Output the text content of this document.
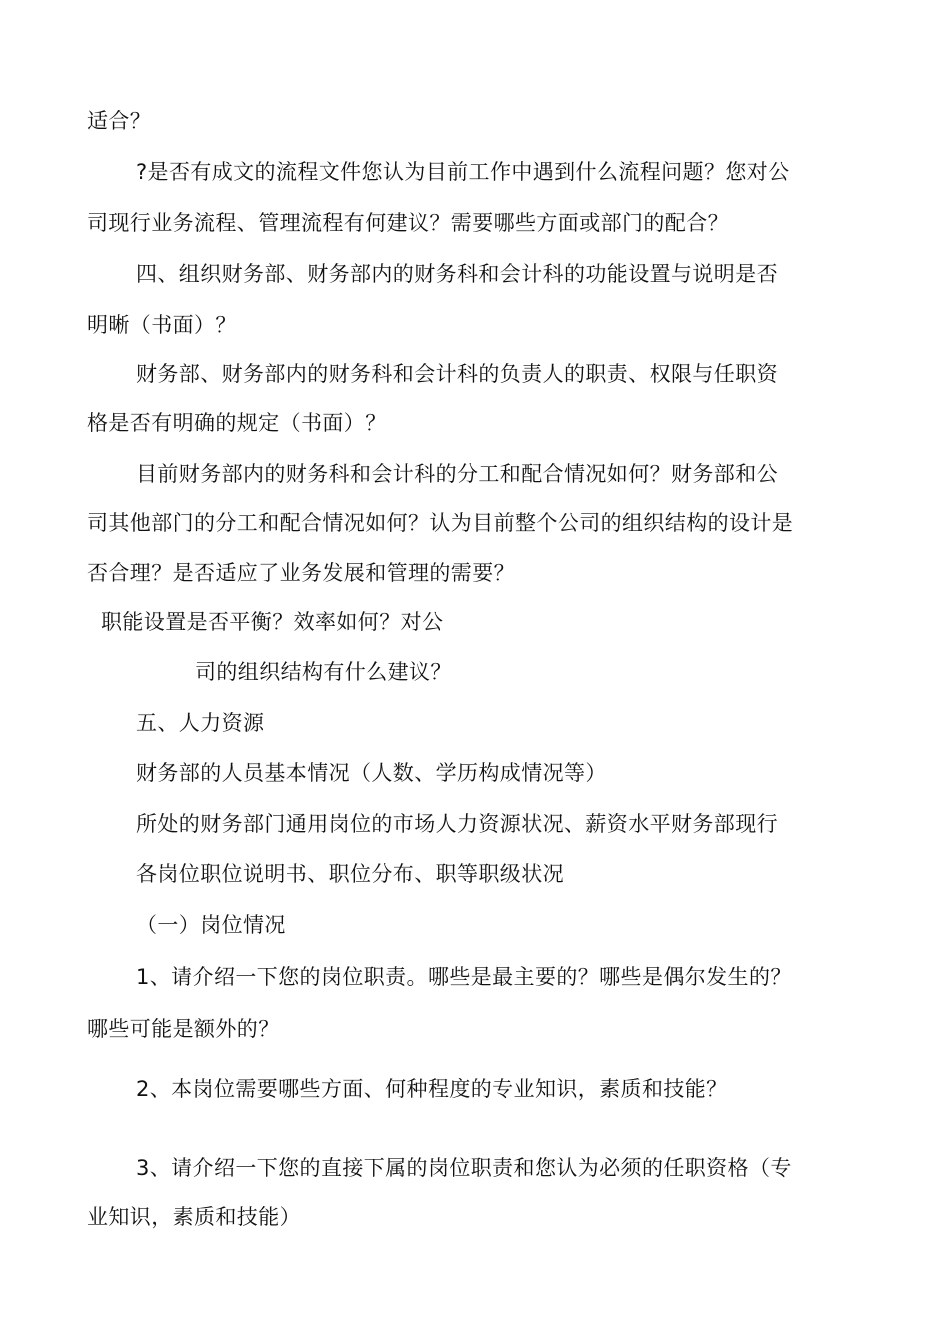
适合？
?是否有成文的流程文件您认为目前工作中遇到什么流程问题？您对公
司现行业务流程、管理流程有何建议？需要哪些方面或部门的配合？
四、组织财务部、财务部内的财务科和会计科的功能设置与说明是否
明晰（书面）？
财务部、财务部内的财务科和会计科的负责人的职责、权限与任职资
格是否有明确的规定（书面）？
目前财务部内的财务科和会计科的分工和配合情况如何？财务部和公
司其他部门的分工和配合情况如何？认为目前整个公司的组织结构的设计是
否合理？是否适应了业务发展和管理的需要？
职能设置是否平衡？效率如何？对公
司的组织结构有什么建议？
五、人力资源
财务部的人员基本情况（人数、学历构成情况等）
所处的财务部门通用岗位的市场人力资源状况、薪资水平财务部现行
各岗位职位说明书、职位分布、职等职级状况
（一）岗位情况
1、请介绍一下您的岗位职责。哪些是最主要的？哪些是偶尔发生的？
哪些可能是额外的？
2、本岗位需要哪些方面、何种程度的专业知识，素质和技能？
3、请介绍一下您的直接下属的岗位职责和您认为必须的任职资格（专
业知识，素质和技能）
